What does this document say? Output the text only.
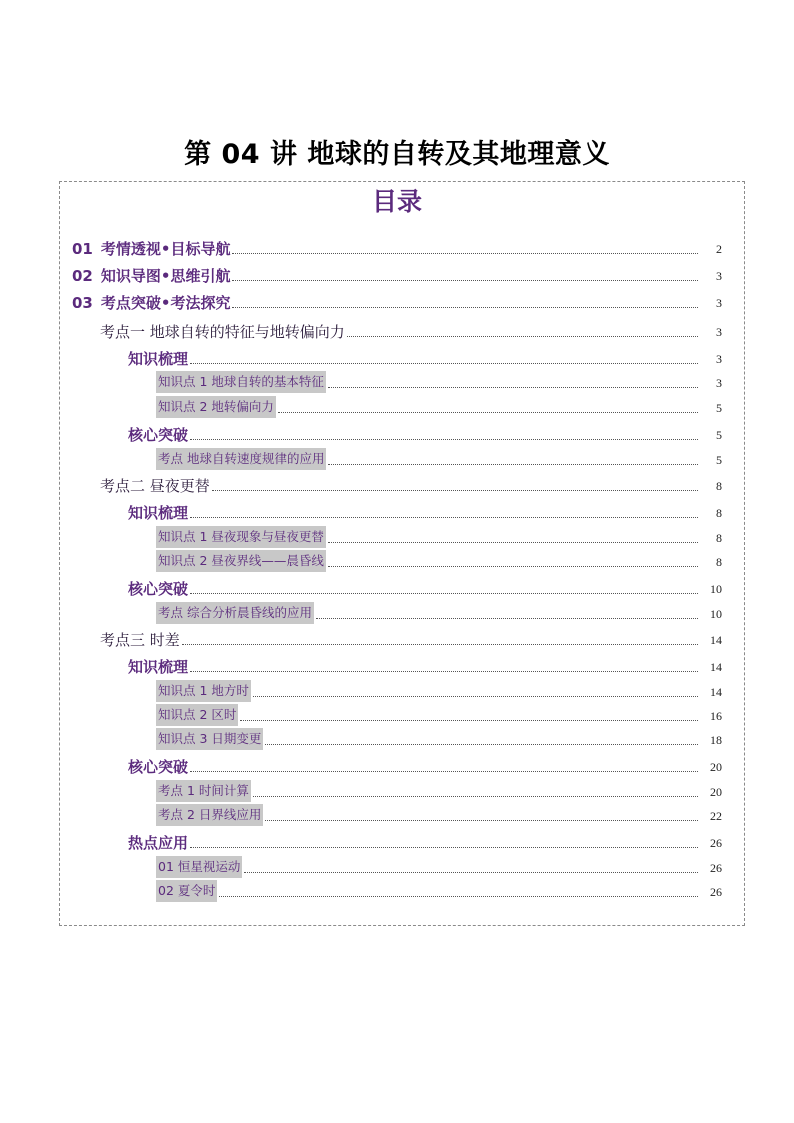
第 04 讲 地球的自转及其地理意义
目录
01 考情透视•目标导航	2
02 知识导图•思维引航	3
03 考点突破•考法探究	3
考点一 地球自转的特征与地转偏向力	3
知识梳理	3
知识点 1 地球自转的基本特征	3
知识点 2 地转偏向力	5
核心突破	5
考点 地球自转速度规律的应用	5
考点二 昼夜更替	8
知识梳理	8
知识点 1 昼夜现象与昼夜更替	8
知识点 2 昼夜界线——晨昏线	8
核心突破	10
考点 综合分析晨昏线的应用	10
考点三 时差	14
知识梳理	14
知识点 1 地方时	14
知识点 2 区时	16
知识点 3 日期变更	18
核心突破	20
考点 1 时间计算	20
考点 2 日界线应用	22
热点应用	26
01 恒星视运动	26
02 夏令时	26
